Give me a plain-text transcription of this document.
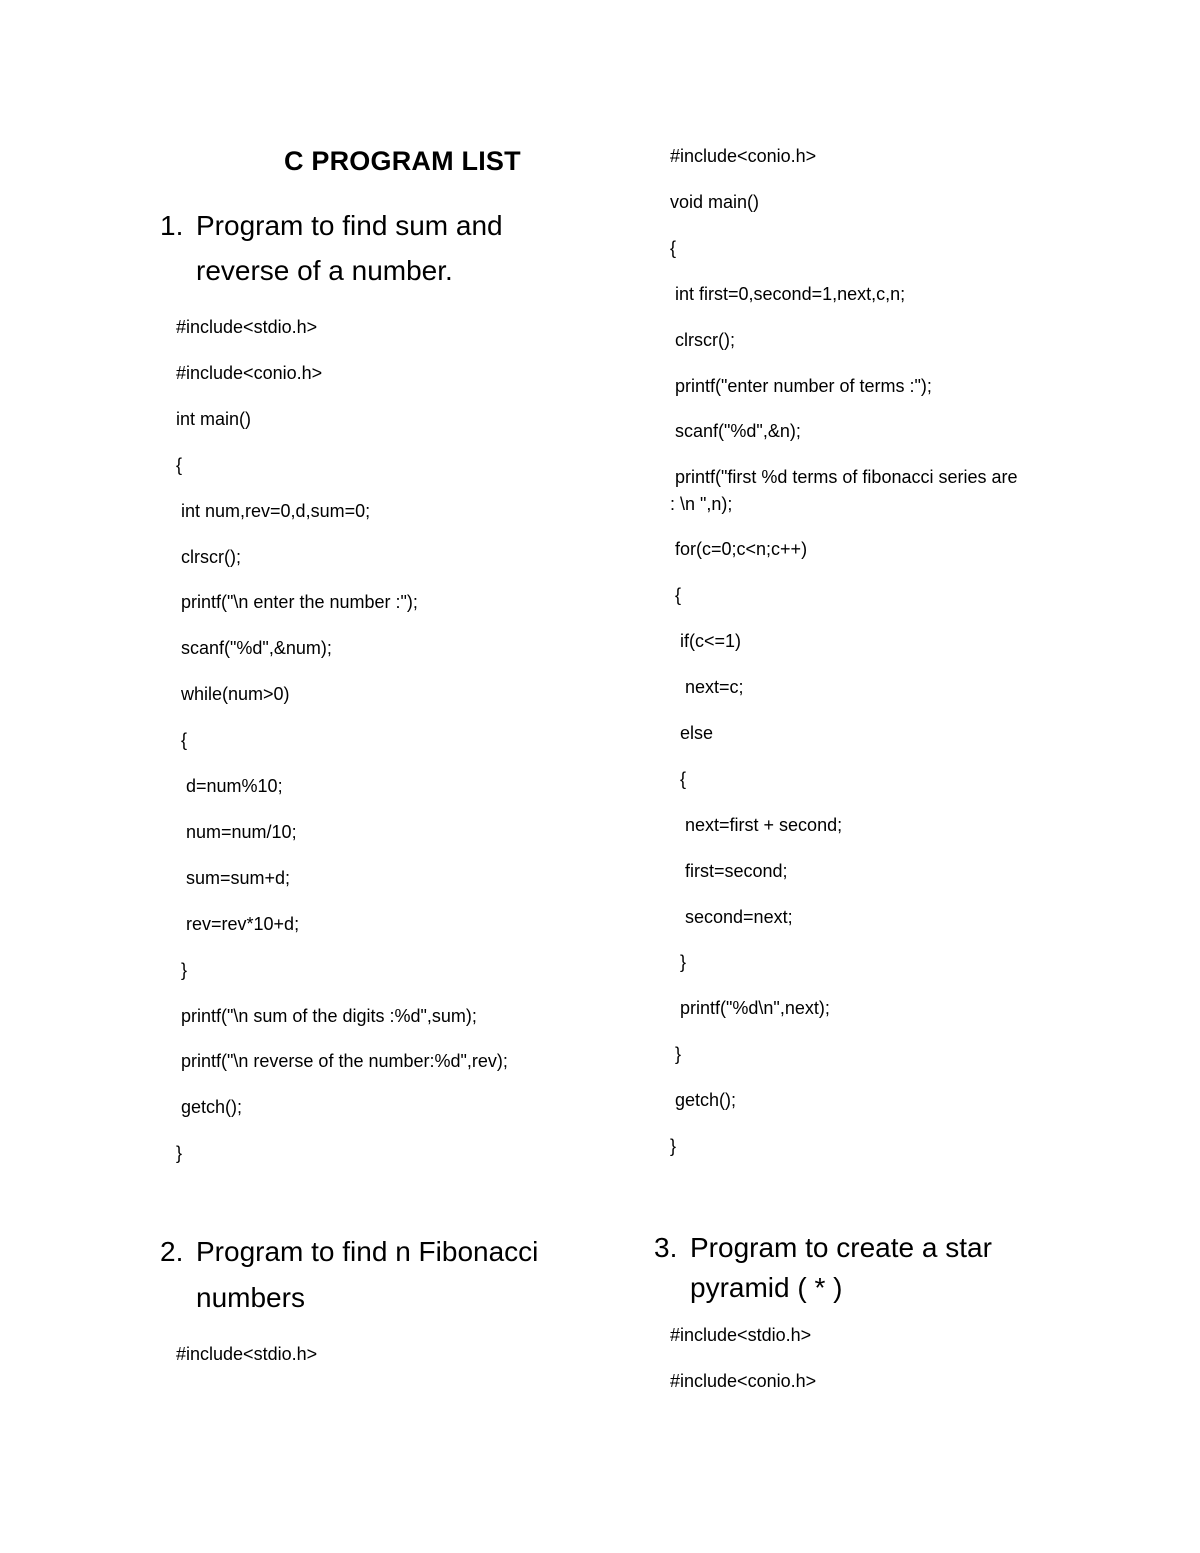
C PROGRAM LIST
1. Program to find sum and
reverse of a number.
#include<stdio.h>
#include<conio.h>
int main()
{
int num,rev=0,d,sum=0;
clrscr();
printf("\n enter the number :");
scanf("%d",&num);
while(num>0)
{
d=num%10;
num=num/10;
sum=sum+d;
rev=rev*10+d;
}
printf("\n sum of the digits :%d",sum);
printf("\n reverse of the number:%d",rev);
getch();
}
2. Program to find n Fibonacci
numbers
#include<stdio.h>
#include<conio.h>
void main()
{
int first=0,second=1,next,c,n;
clrscr();
printf("enter number of terms :");
scanf("%d",&n);
printf("first %d terms of fibonacci series are
: \n ",n);
for(c=0;c<n;c++)
{
if(c<=1)
next=c;
else
{
next=first + second;
first=second;
second=next;
}
printf("%d\n",next);
}
getch();
}
3. Program to create a star
pyramid ( * )
#include<stdio.h>
#include<conio.h>
